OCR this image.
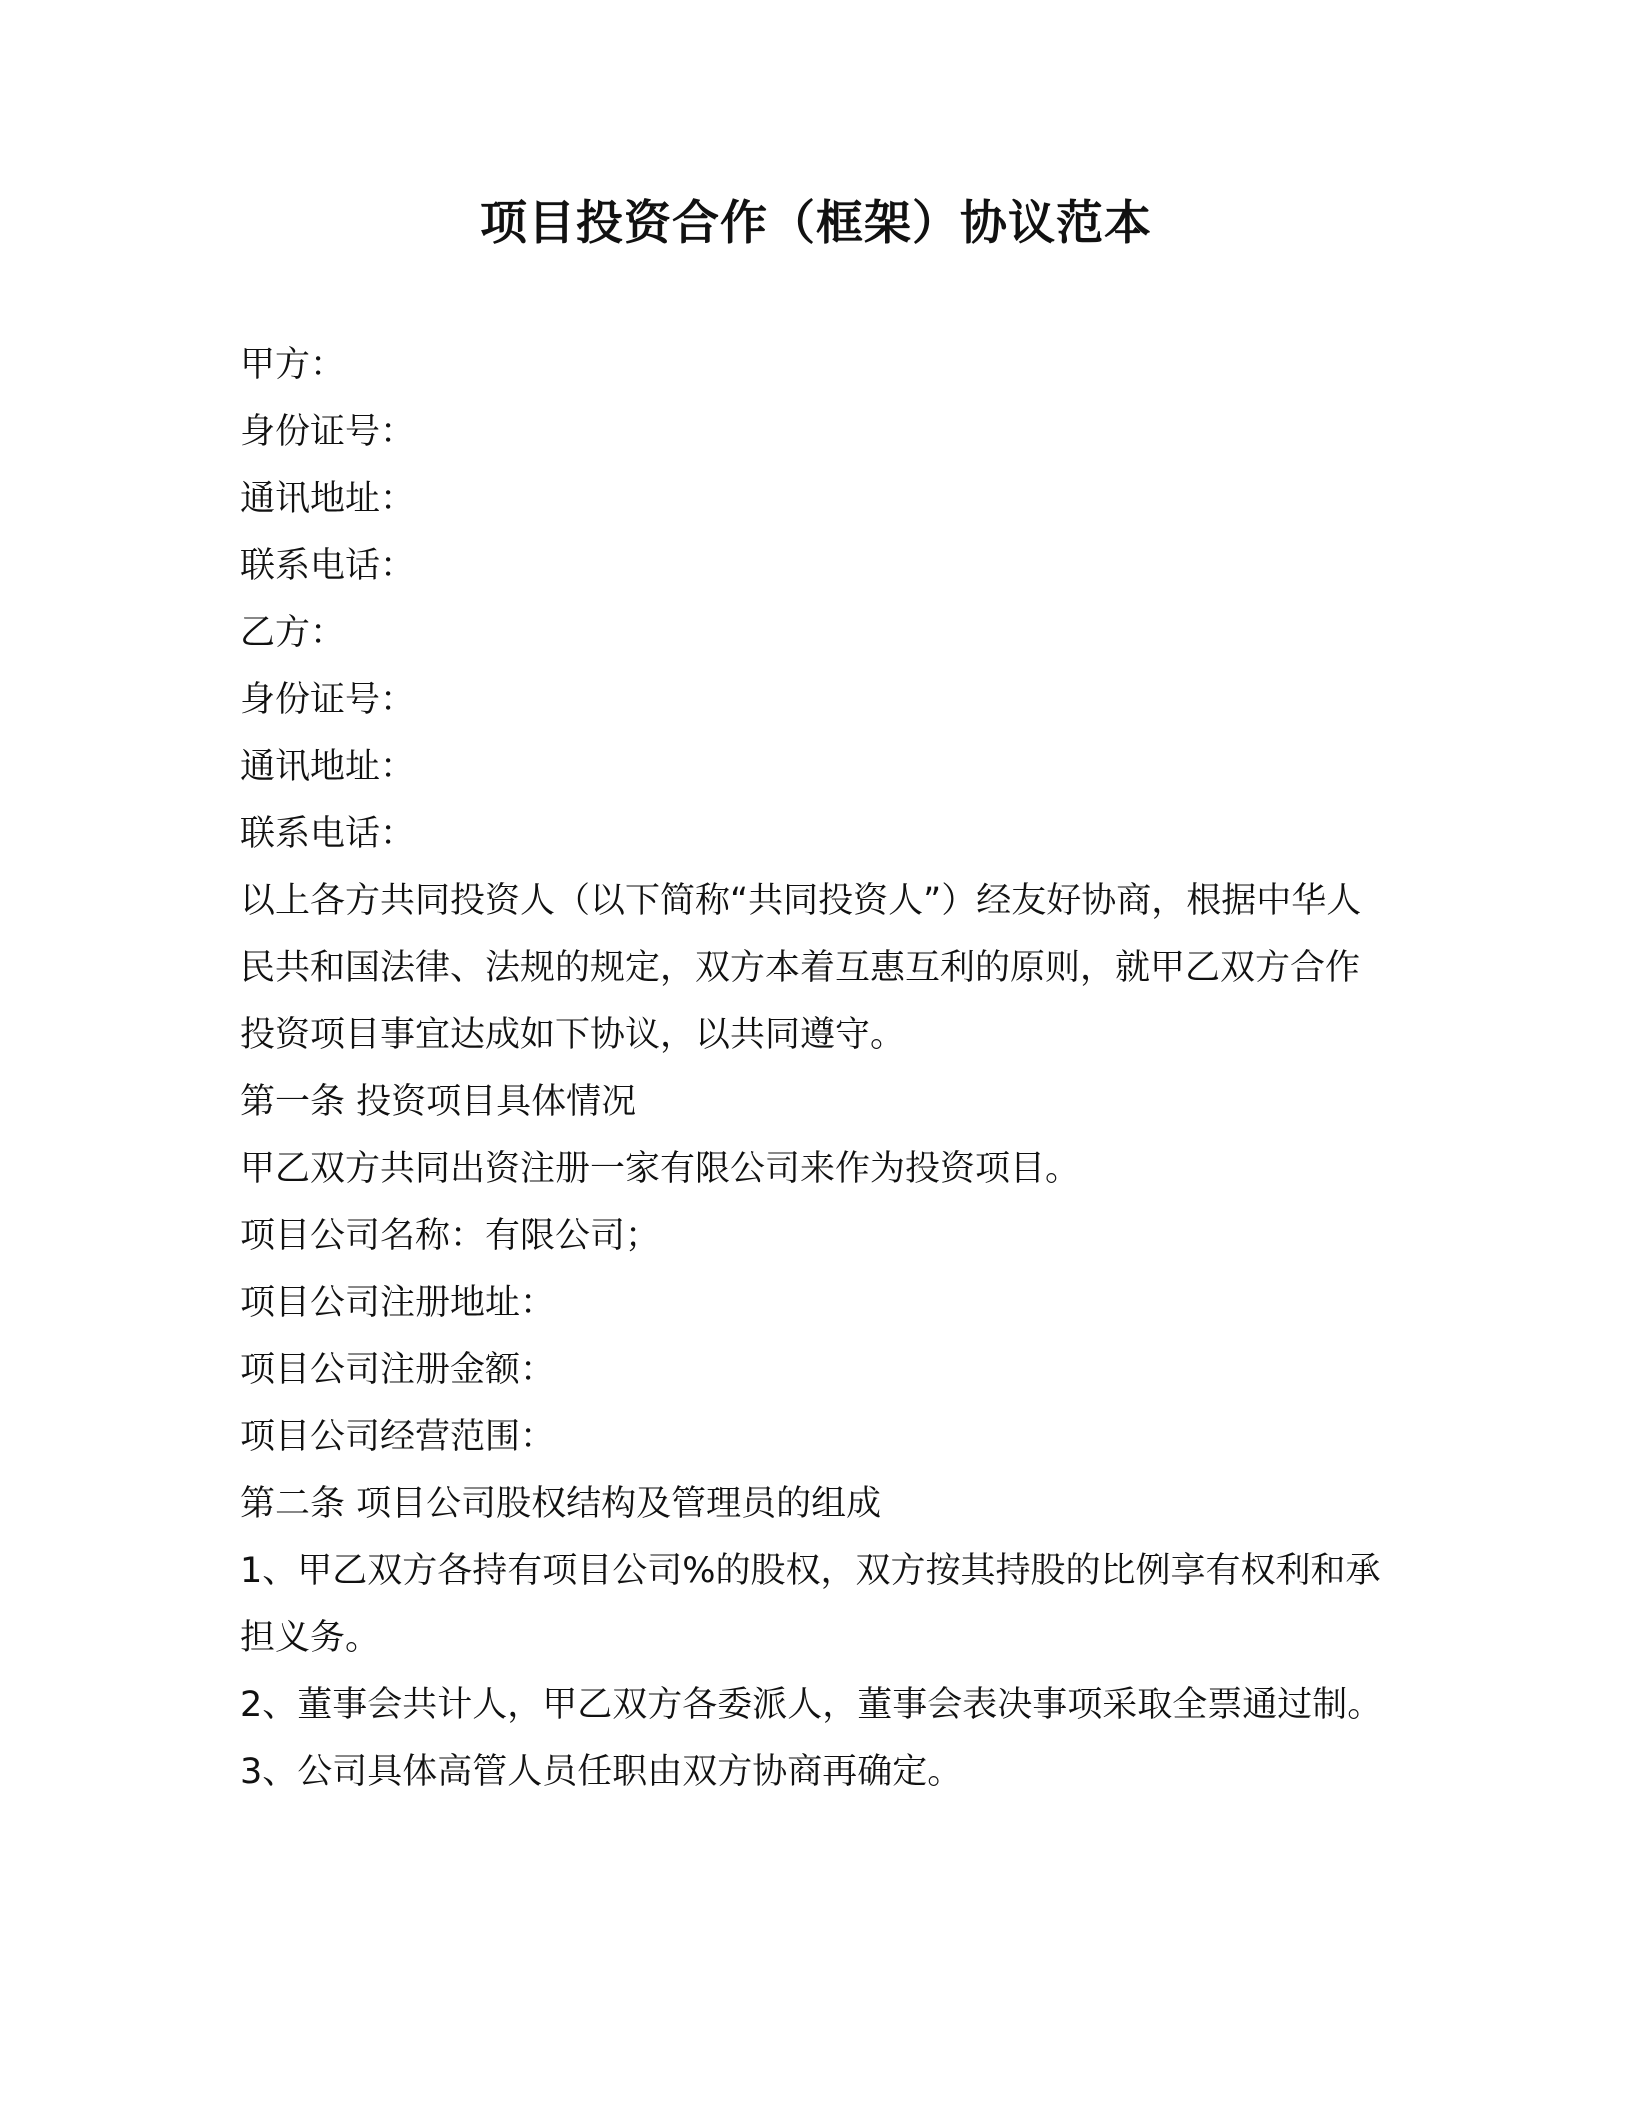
项目投资合作（框架）协议范本

甲方：

身份证号：

通讯地址：

联系电话：

乙方：

身份证号：

通讯地址：

联系电话：

以上各方共同投资人（以下简称“共同投资人”）经友好协商，根据中华人民共和国法律、法规的规定，双方本着互惠互利的原则，就甲乙双方合作投资项目事宜达成如下协议，以共同遵守。

第一条 投资项目具体情况

甲乙双方共同出资注册一家有限公司来作为投资项目。

项目公司名称：有限公司；

项目公司注册地址：

项目公司注册金额：

项目公司经营范围：

第二条 项目公司股权结构及管理员的组成

1、甲乙双方各持有项目公司%的股权，双方按其持股的比例享有权利和承担义务。

2、董事会共计人，甲乙双方各委派人，董事会表决事项采取全票通过制。

3、公司具体高管人员任职由双方协商再确定。
